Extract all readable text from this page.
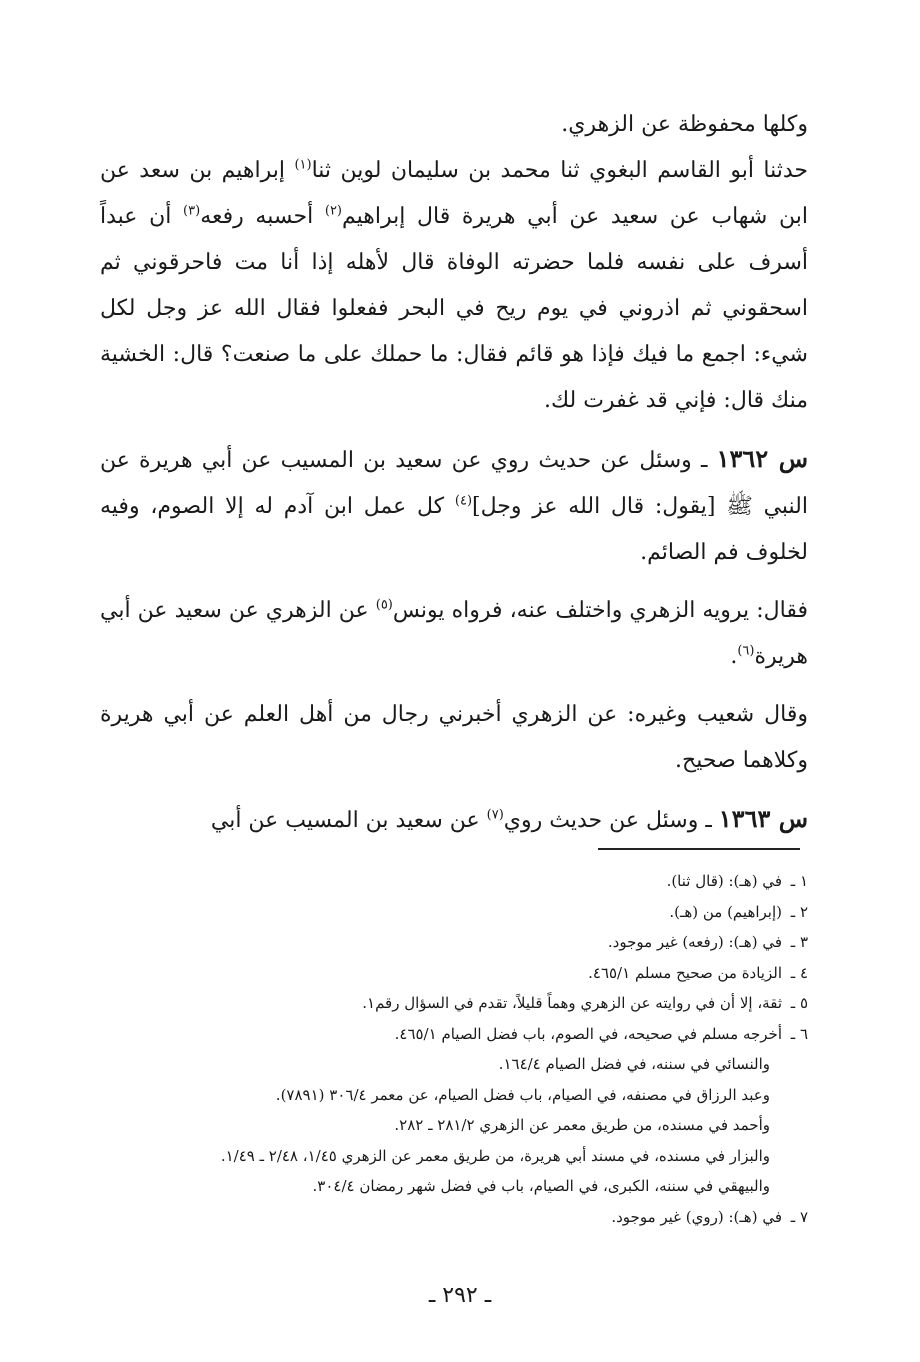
وكلها محفوظة عن الزهري.

حدثنا أبو القاسم البغوي ثنا محمد بن سليمان لوين ثنا$^{(١)}$ إبراهيم بن سعد عن ابن شهاب عن سعيد عن أبي هريرة قال إبراهيم$^{(٢)}$ أحسبه رفعه$^{(٣)}$ أن عبداً أسرف على نفسه فلما حضرته الوفاة قال لأهله إذا أنا مت فاحرقوني ثم اسحقوني ثم اذروني في يوم ريح في البحر ففعلوا فقال الله عز وجل لكل شيء: اجمع ما فيك فإذا هو قائم فقال: ما حملك على ما صنعت؟ قال: الخشية منك قال: فإني قد غفرت لك.

س ١٣٦٢ ـ وسئل عن حديث روي عن سعيد بن المسيب عن أبي هريرة عن النبي ﷺ [يقول: قال الله عز وجل]$^{(٤)}$ كل عمل ابن آدم له إلا الصوم، وفيه لخلوف فم الصائم.

فقال: يرويه الزهري واختلف عنه، فرواه يونس$^{(٥)}$ عن الزهري عن سعيد عن أبي هريرة$^{(٦)}$.

وقال شعيب وغيره: عن الزهري أخبرني رجال من أهل العلم عن أبي هريرة وكلاهما صحيح.

س ١٣٦٣ ـ وسئل عن حديث روي$^{(٧)}$ عن سعيد بن المسيب عن أبي

١ ـ
في (هـ): (قال ثنا).
٢ ـ
(إبراهيم) من (هـ).
٣ ـ
في (هـ): (رفعه) غير موجود.
٤ ـ
الزيادة من صحيح مسلم ٤٦٥/١.
٥ ـ
ثقة، إلا أن في روايته عن الزهري وهماً قليلاً، تقدم في السؤال رقم١.
٦ ـ
أخرجه مسلم في صحيحه، في الصوم، باب فضل الصيام ٤٦٥/١.
والنسائي في سننه، في فضل الصيام ١٦٤/٤.
وعبد الرزاق في مصنفه، في الصيام، باب فضل الصيام، عن معمر ٣٠٦/٤ (٧٨٩١).
وأحمد في مسنده، من طريق معمر عن الزهري ٢٨١/٢ ـ ٢٨٢.
والبزار في مسنده، في مسند أبي هريرة، من طريق معمر عن الزهري ١/٤٥، ٢/٤٨ ـ ١/٤٩.
والبيهقي في سننه، الكبرى، في الصيام، باب في فضل شهر رمضان ٣٠٤/٤.
٧ ـ
في (هـ): (روي) غير موجود.
ـ ٢٩٢ ـ
